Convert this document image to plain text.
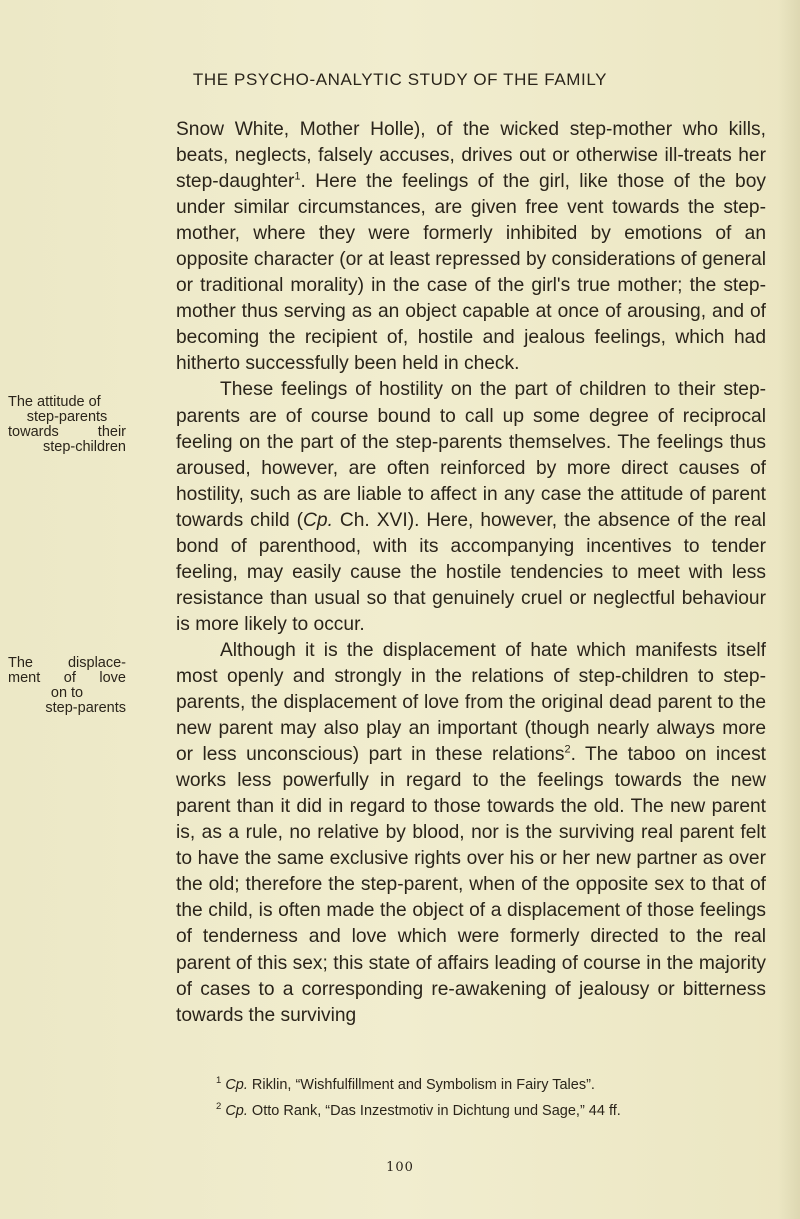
THE PSYCHO-ANALYTIC STUDY OF THE FAMILY

Snow White, Mother Holle), of the wicked step-mother who kills, beats, neglects, falsely accuses, drives out or otherwise ill-treats her step-daughter$^1$. Here the feelings of the girl, like those of the boy under similar circumstances, are given free vent towards the step-mother, where they were formerly inhibited by emotions of an opposite character (or at least repressed by considerations of general or traditional morality) in the case of the girl's true mother; the step-mother thus serving as an object capable at once of arousing, and of becoming the recipient of, hostile and jealous feelings, which had hitherto successfully been held in check.

These feelings of hostility on the part of children to their step-parents are of course bound to call up some degree of reciprocal feeling on the part of the step-parents themselves. The feelings thus aroused, however, are often reinforced by more direct causes of hostility, such as are liable to affect in any case the attitude of parent towards child (Cp. Ch. XVI). Here, however, the absence of the real bond of parenthood, with its accompanying incentives to tender feeling, may easily cause the hostile tendencies to meet with less resistance than usual so that genuinely cruel or neglectful behaviour is more likely to occur.

Although it is the displacement of hate which manifests itself most openly and strongly in the relations of step-children to step-parents, the displacement of love from the original dead parent to the new parent may also play an important (though nearly always more or less unconscious) part in these relations$^2$. The taboo on incest works less powerfully in regard to the feelings towards the new parent than it did in regard to those towards the old. The new parent is, as a rule, no relative by blood, nor is the surviving real parent felt to have the same exclusive rights over his or her new partner as over the old; therefore the step-parent, when of the opposite sex to that of the child, is often made the object of a displacement of those feelings of tenderness and love which were formerly directed to the real parent of this sex; this state of affairs leading of course in the majority of cases to a corresponding re-awakening of jealousy or bitterness towards the surviving

The attitude of
step-parents
towards their
step-children
The displace-
ment of love
on to
step-parents
$^1$ Cp. Riklin, “Wishfulfillment and Symbolism in Fairy Tales”.
$^2$ Cp. Otto Rank, “Das Inzestmotiv in Dichtung und Sage,” 44 ff.
100
